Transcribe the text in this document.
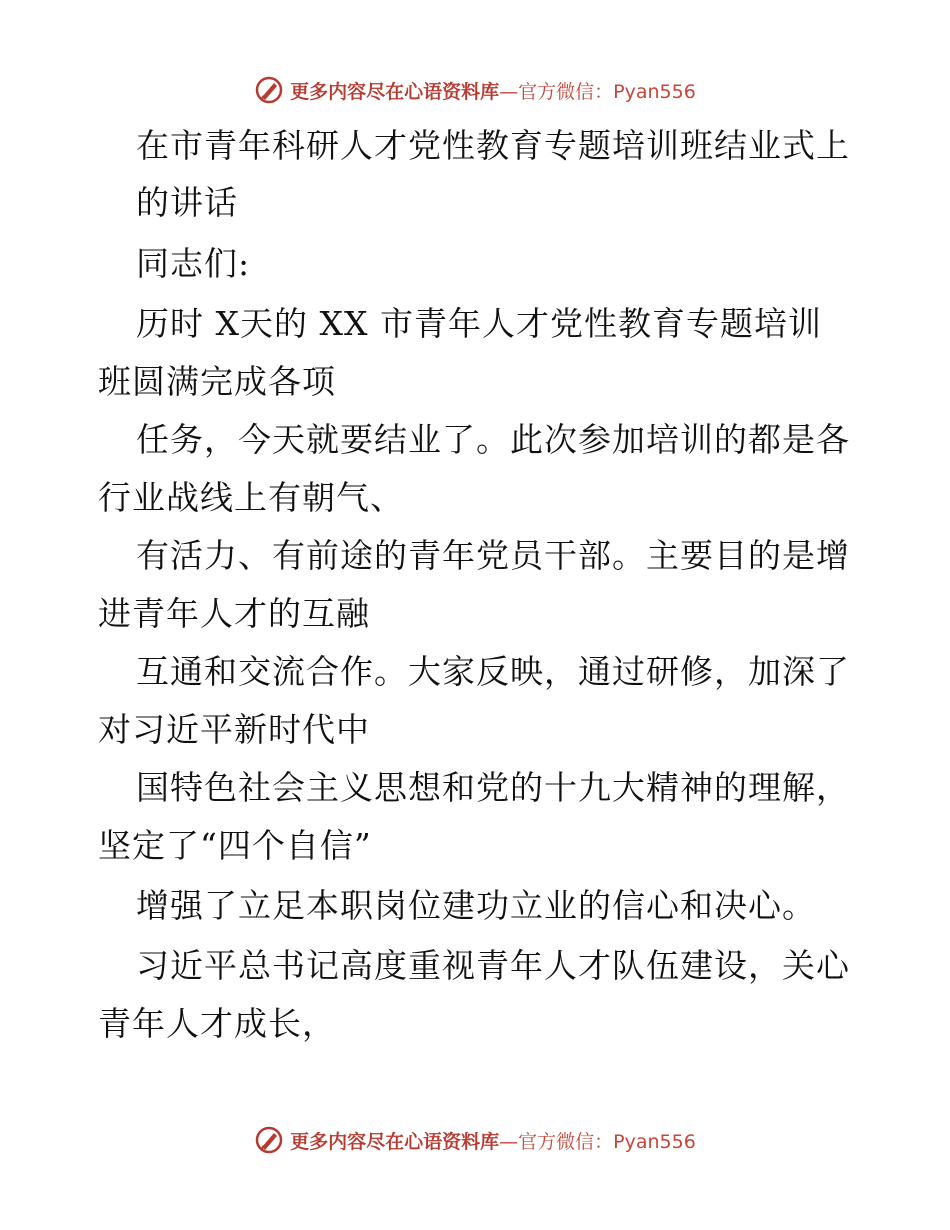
更多内容尽在心语资料库 —官方微信：Pyan556
在市青年科研人才党性教育专题培训班结业式上
的讲话
同志们:
历时 X天的 XX 市青年人才党性教育专题培训
班圆满完成各项
任务，今天就要结业了。此次参加培训的都是各
行业战线上有朝气、
有活力、有前途的青年党员干部。主要目的是增
进青年人才的互融
互通和交流合作。大家反映，通过研修，加深了
对习近平新时代中
国特色社会主义思想和党的十九大精神的理解，
坚定了“四个自信”
增强了立足本职岗位建功立业的信心和决心。
习近平总书记高度重视青年人才队伍建设，关心
青年人才成长，
更多内容尽在心语资料库 —官方微信：Pyan556
